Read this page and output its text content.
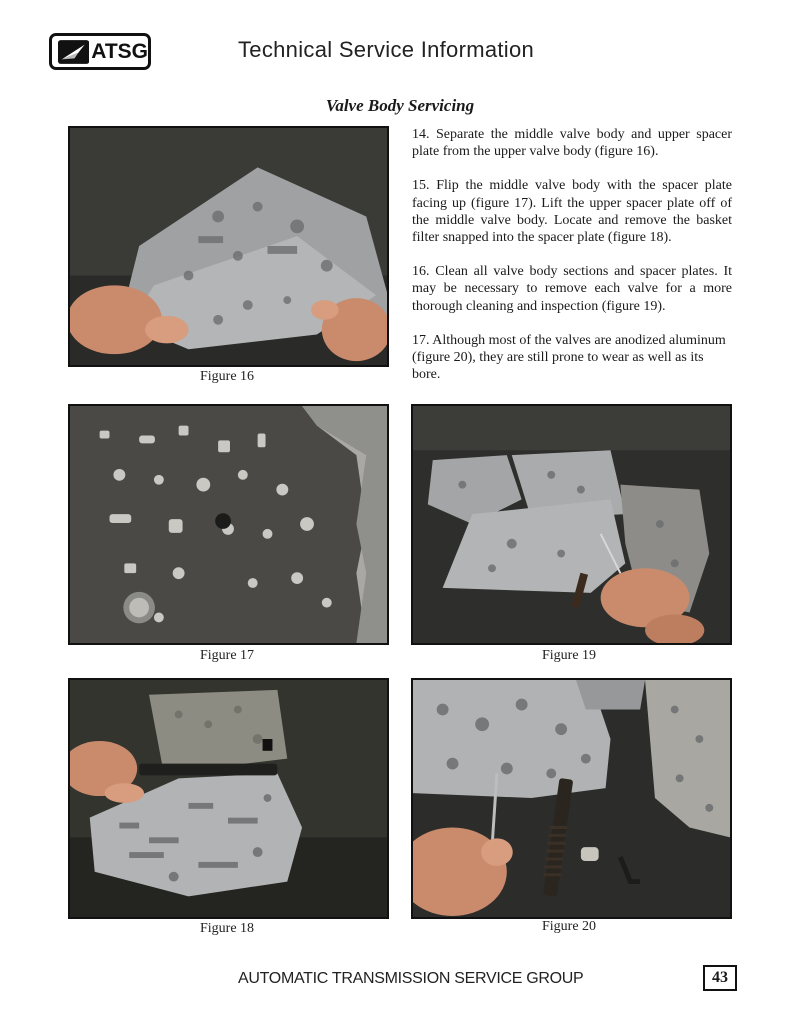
ATSG	Technical Service Information
Valve Body Servicing
Figure 16

14. Separate the middle valve body and upper spacer plate from the upper valve body (figure 16).

15. Flip the middle valve body with the spacer plate facing up (figure 17). Lift the upper spacer plate off of the middle valve body. Locate and remove the basket filter snapped into the spacer plate (figure 18).

16. Clean all valve body sections and spacer plates. It may be necessary to remove each valve for a more thorough cleaning and inspection (figure 19).

17. Although most of the valves are anodized aluminum (figure 20), they are still prone to wear as well as its bore.

Figure 17	Figure 19
Figure 18	Figure 20
AUTOMATIC TRANSMISSION SERVICE GROUP	43
